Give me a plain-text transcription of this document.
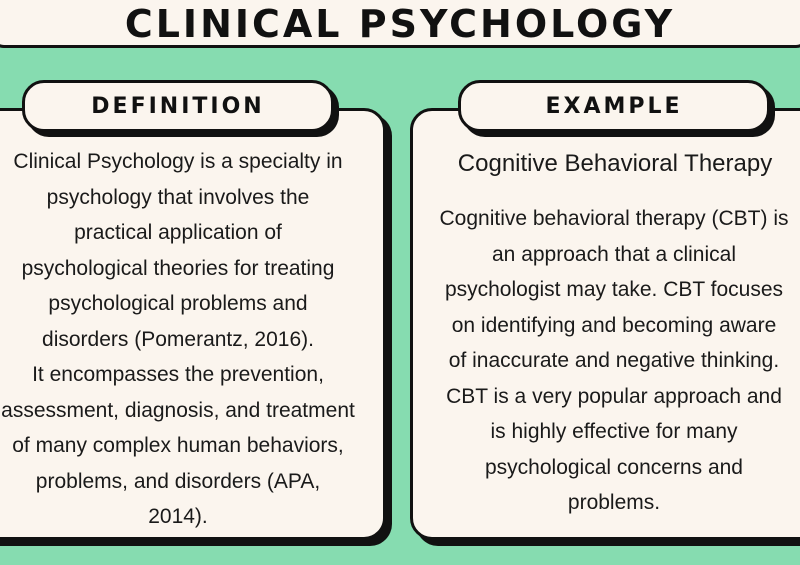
CLINICAL PSYCHOLOGY
DEFINITION
Clinical Psychology is a specialty in
psychology that involves the
practical application of
psychological theories for treating
psychological problems and
disorders (Pomerantz, 2016).
It encompasses the prevention,
assessment, diagnosis, and treatment
of many complex human behaviors,
problems, and disorders (APA,
2014).
EXAMPLE
Cognitive Behavioral Therapy
Cognitive behavioral therapy (CBT) is
an approach that a clinical
psychologist may take. CBT focuses
on identifying and becoming aware
of inaccurate and negative thinking.
CBT is a very popular approach and
is highly effective for many
psychological concerns and
problems.
